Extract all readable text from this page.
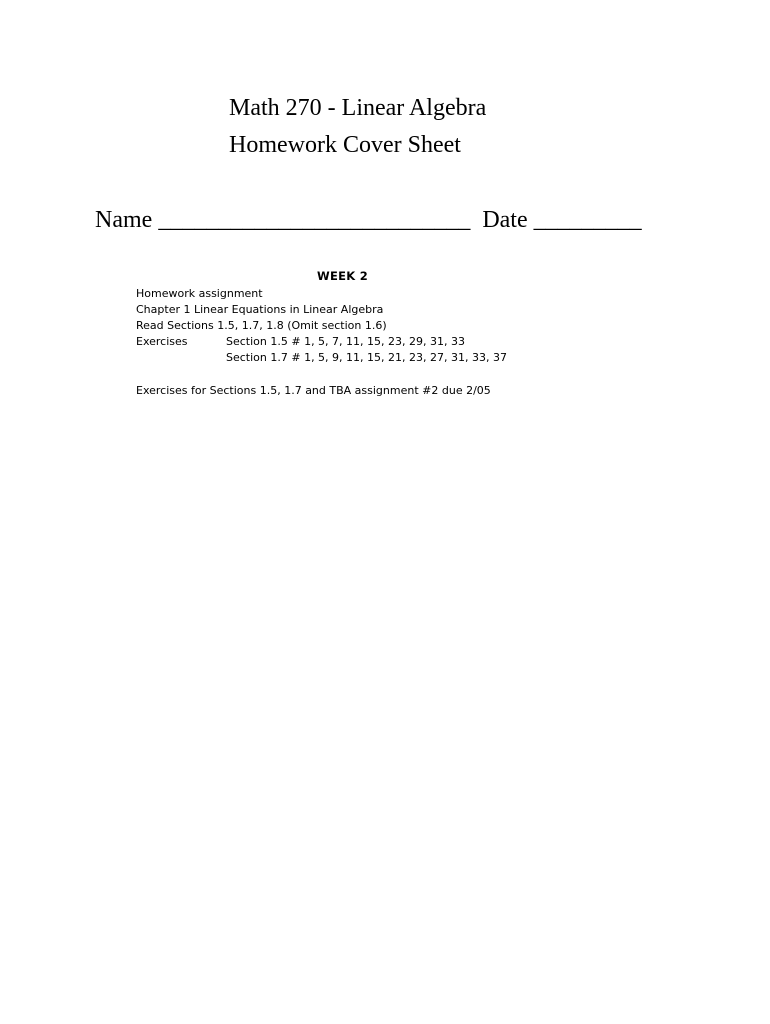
Math 270 - Linear Algebra
Homework Cover Sheet
Name __________________________ Date _________
WEEK 2
Homework assignment
Chapter 1 Linear Equations in Linear Algebra
Read Sections 1.5, 1.7, 1.8 (Omit section 1.6)
Exercises	Section 1.5 # 1, 5, 7, 11, 15, 23, 29, 31, 33
Section 1.7 # 1, 5, 9, 11, 15, 21, 23, 27, 31, 33, 37
Exercises for Sections 1.5, 1.7 and TBA assignment #2 due 2/05
